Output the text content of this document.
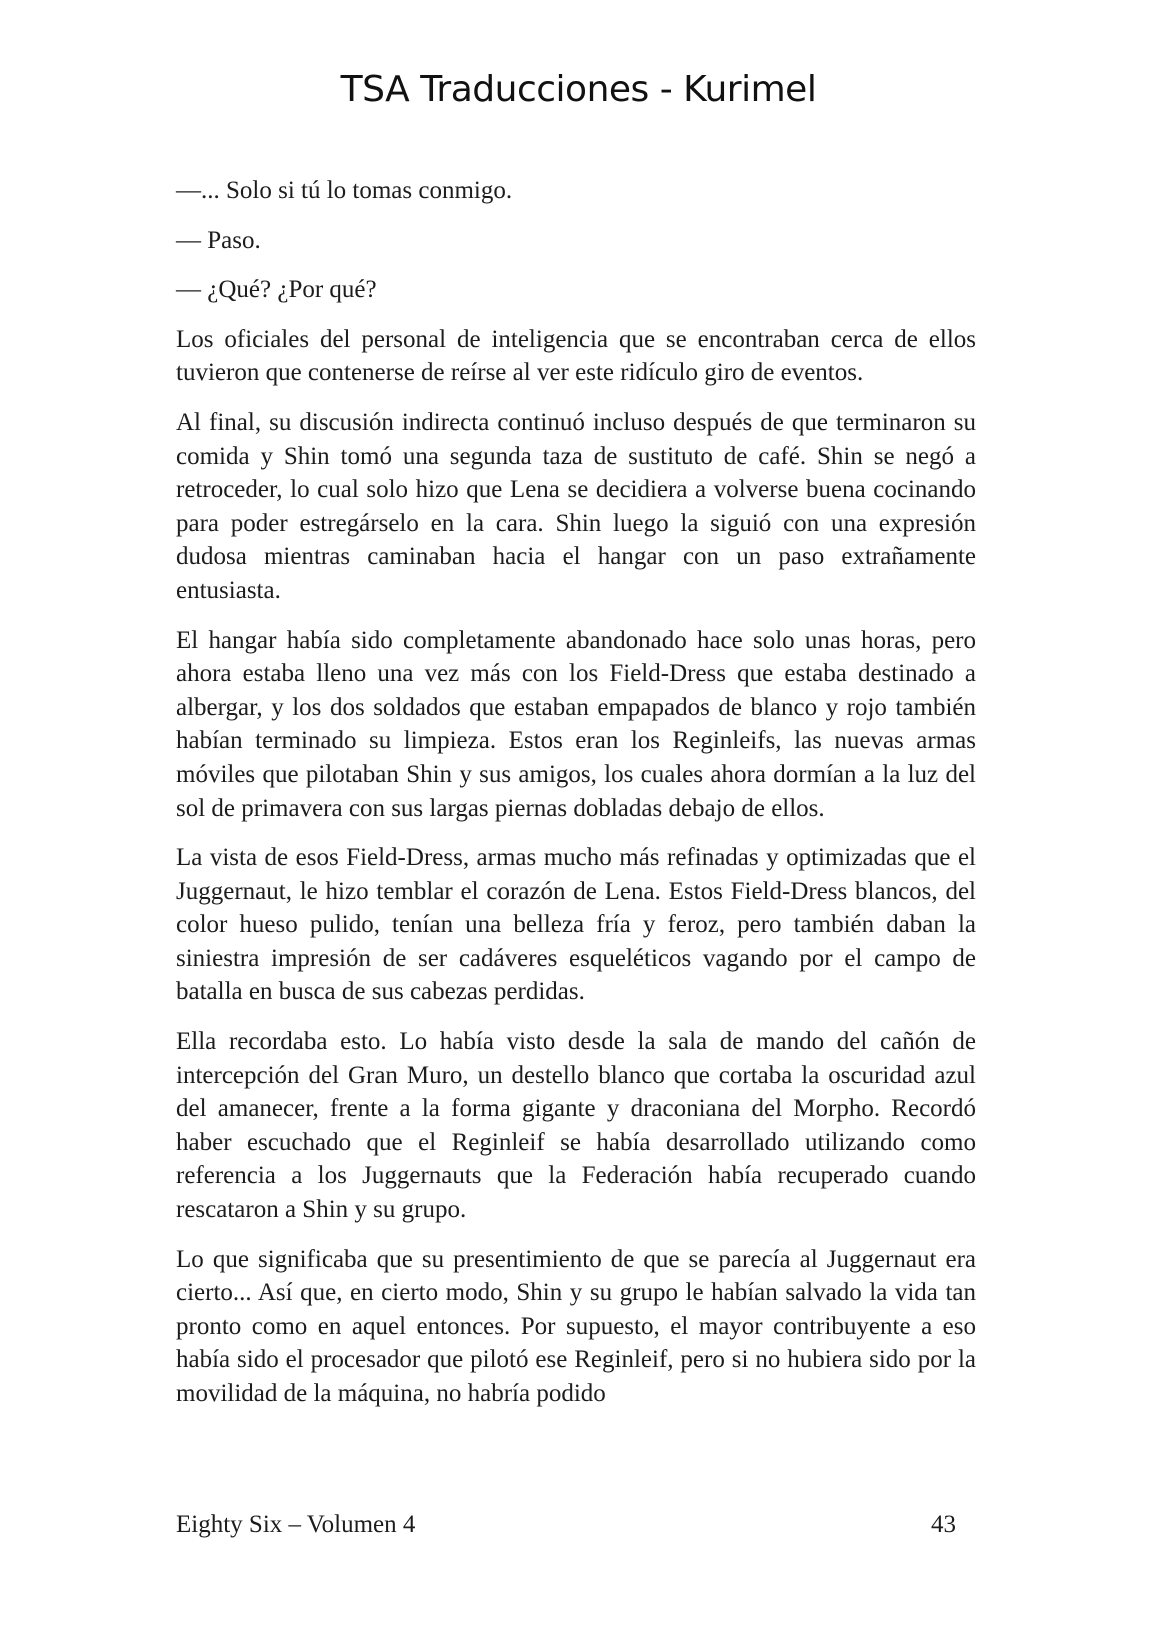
TSA Traducciones - Kurimel

—... Solo si tú lo tomas conmigo.

— Paso.

— ¿Qué? ¿Por qué?

Los oficiales del personal de inteligencia que se encontraban cerca de ellos tuvieron que contenerse de reírse al ver este ridículo giro de eventos.

Al final, su discusión indirecta continuó incluso después de que terminaron su comida y Shin tomó una segunda taza de sustituto de café. Shin se negó a retroceder, lo cual solo hizo que Lena se decidiera a volverse buena cocinando para poder estregárselo en la cara. Shin luego la siguió con una expresión dudosa mientras caminaban hacia el hangar con un paso extrañamente entusiasta.

El hangar había sido completamente abandonado hace solo unas horas, pero ahora estaba lleno una vez más con los Field-Dress que estaba destinado a albergar, y los dos soldados que estaban empapados de blanco y rojo también habían terminado su limpieza. Estos eran los Reginleifs, las nuevas armas móviles que pilotaban Shin y sus amigos, los cuales ahora dormían a la luz del sol de primavera con sus largas piernas dobladas debajo de ellos.

La vista de esos Field-Dress, armas mucho más refinadas y optimizadas que el Juggernaut, le hizo temblar el corazón de Lena. Estos Field-Dress blancos, del color hueso pulido, tenían una belleza fría y feroz, pero también daban la siniestra impresión de ser cadáveres esqueléticos vagando por el campo de batalla en busca de sus cabezas perdidas.

Ella recordaba esto. Lo había visto desde la sala de mando del cañón de intercepción del Gran Muro, un destello blanco que cortaba la oscuridad azul del amanecer, frente a la forma gigante y draconiana del Morpho. Recordó haber escuchado que el Reginleif se había desarrollado utilizando como referencia a los Juggernauts que la Federación había recuperado cuando rescataron a Shin y su grupo.

Lo que significaba que su presentimiento de que se parecía al Juggernaut era cierto... Así que, en cierto modo, Shin y su grupo le habían salvado la vida tan pronto como en aquel entonces. Por supuesto, el mayor contribuyente a eso había sido el procesador que pilotó ese Reginleif, pero si no hubiera sido por la movilidad de la máquina, no habría podido

Eighty Six – Volumen 4	43
